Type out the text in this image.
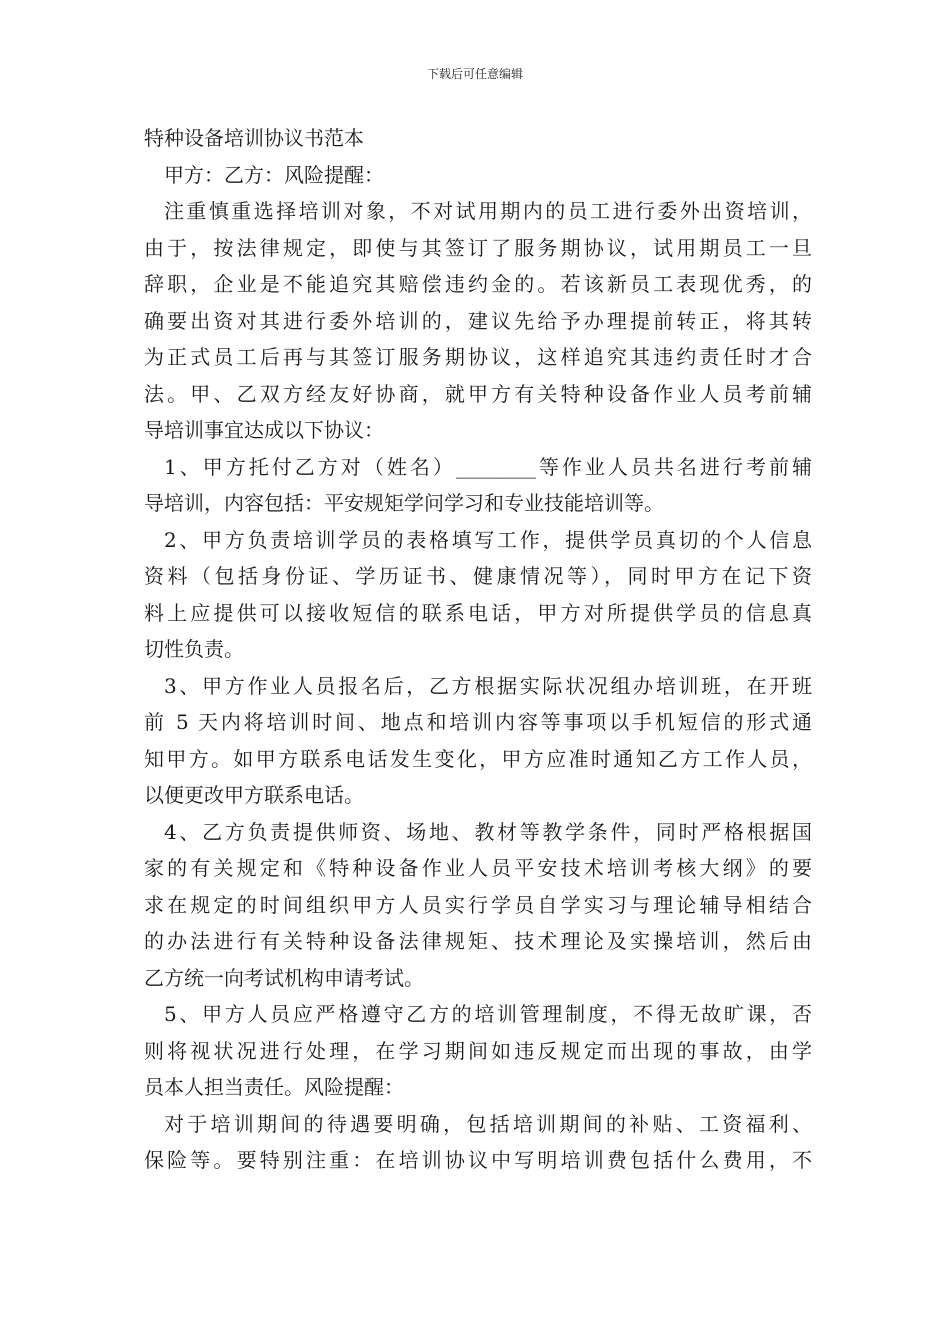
下载后可任意编辑
特种设备培训协议书范本
甲方：乙方：风险提醒：
注重慎重选择培训对象，不对试用期内的员工进行委外出资培训，
由于，按法律规定，即使与其签订了服务期协议，试用期员工一旦
辞职，企业是不能追究其赔偿违约金的。若该新员工表现优秀，的
确要出资对其进行委外培训的，建议先给予办理提前转正，将其转
为正式员工后再与其签订服务期协议，这样追究其违约责任时才合
法。甲、乙双方经友好协商，就甲方有关特种设备作业人员考前辅
导培训事宜达成以下协议：
1、甲方托付乙方对（姓名）________等作业人员共名进行考前辅
导培训，内容包括：平安规矩学问学习和专业技能培训等。
2、甲方负责培训学员的表格填写工作，提供学员真切的个人信息
资料（包括身份证、学历证书、健康情况等），同时甲方在记下资
料上应提供可以接收短信的联系电话，甲方对所提供学员的信息真
切性负责。
3、甲方作业人员报名后，乙方根据实际状况组办培训班，在开班
前 5 天内将培训时间、地点和培训内容等事项以手机短信的形式通
知甲方。如甲方联系电话发生变化，甲方应准时通知乙方工作人员，
以便更改甲方联系电话。
4、乙方负责提供师资、场地、教材等教学条件，同时严格根据国
家的有关规定和《特种设备作业人员平安技术培训考核大纲》的要
求在规定的时间组织甲方人员实行学员自学实习与理论辅导相结合
的办法进行有关特种设备法律规矩、技术理论及实操培训，然后由
乙方统一向考试机构申请考试。
5、甲方人员应严格遵守乙方的培训管理制度，不得无故旷课，否
则将视状况进行处理，在学习期间如违反规定而出现的事故，由学
员本人担当责任。风险提醒：
对于培训期间的待遇要明确，包括培训期间的补贴、工资福利、
保险等。要特别注重：在培训协议中写明培训费包括什么费用，不
